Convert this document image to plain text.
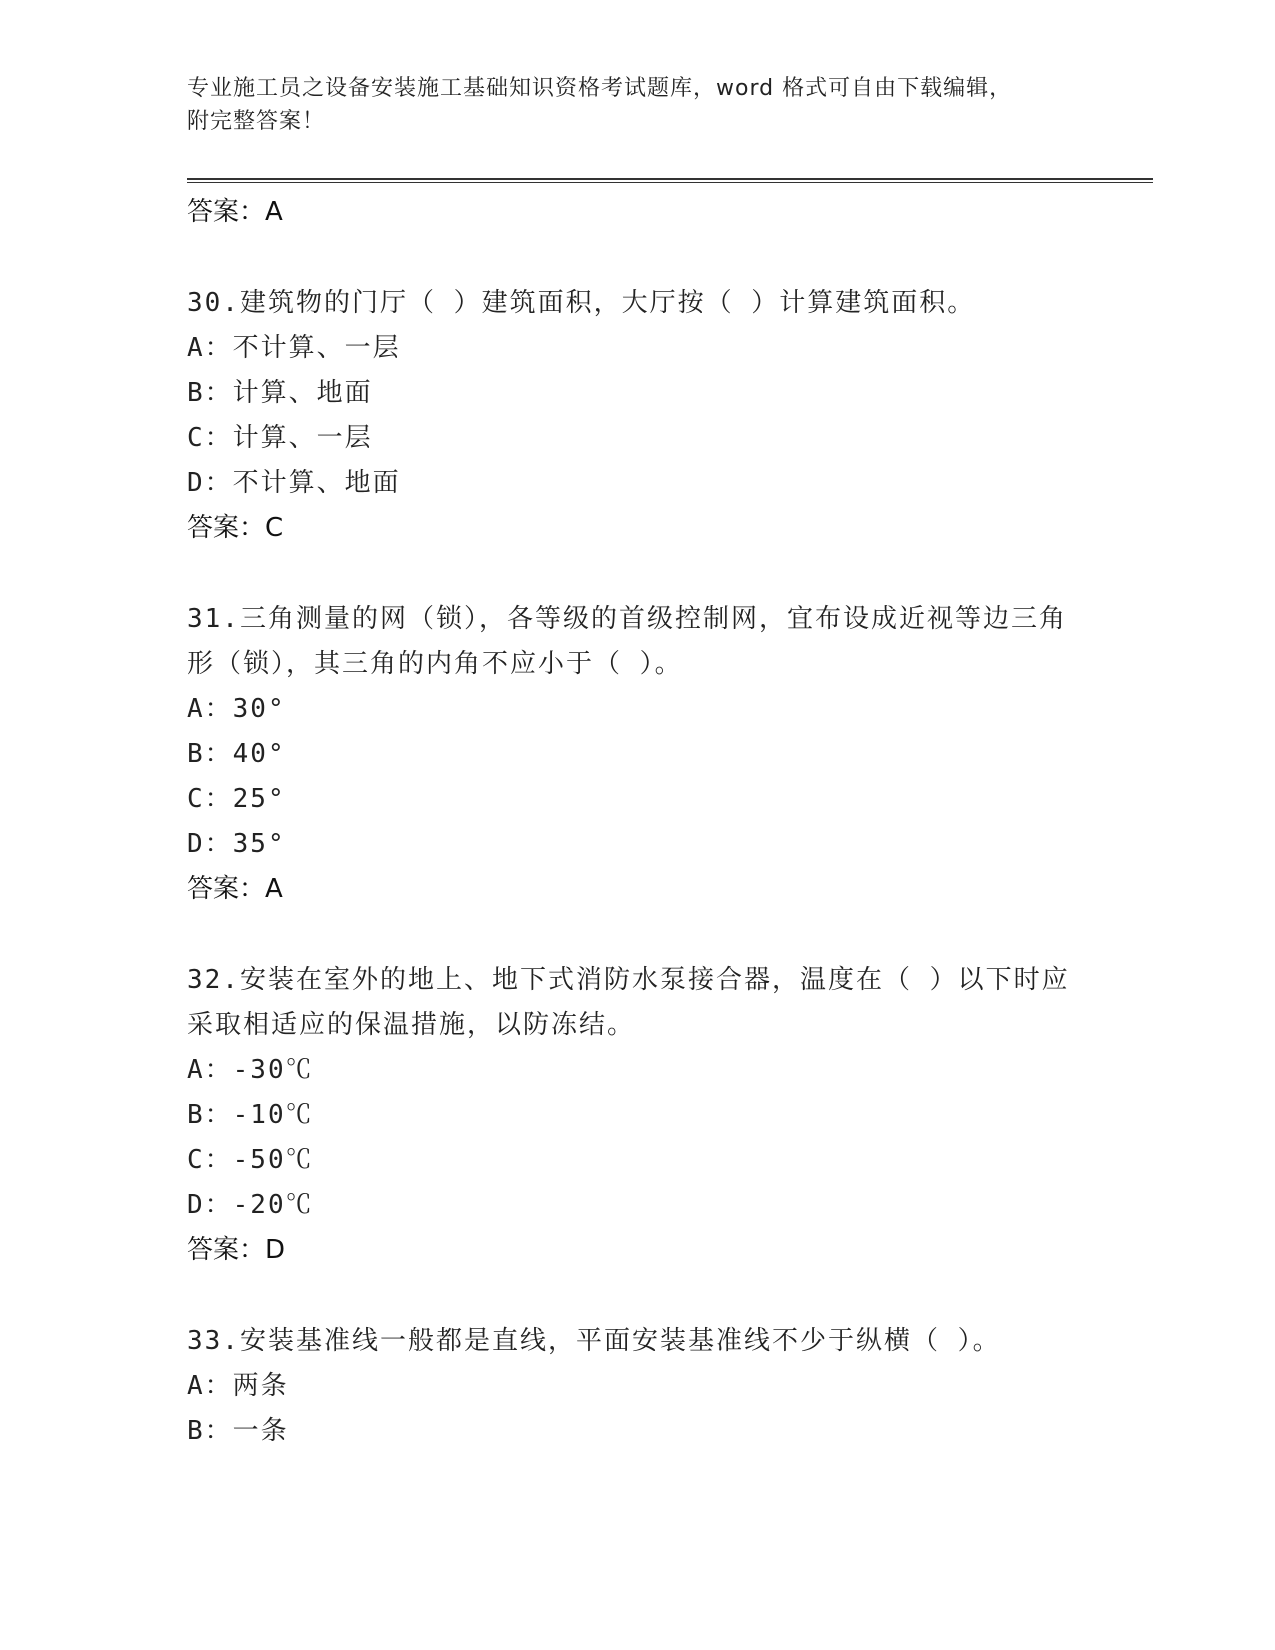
专业施工员之设备安装施工基础知识资格考试题库，word 格式可自由下载编辑，
附完整答案！
答案：A
30.建筑物的门厅（ ）建筑面积，大厅按（ ）计算建筑面积。
A：不计算、一层
B：计算、地面
C：计算、一层
D：不计算、地面
答案：C
31.三角测量的网（锁），各等级的首级控制网，宜布设成近视等边三角形（锁），其三角的内角不应小于（ ）。
A：30°
B：40°
C：25°
D：35°
答案：A
32.安装在室外的地上、地下式消防水泵接合器，温度在（ ）以下时应采取相适应的保温措施，以防冻结。
A：-30℃
B：-10℃
C：-50℃
D：-20℃
答案：D
33.安装基准线一般都是直线，平面安装基准线不少于纵横（ ）。
A：两条
B：一条
